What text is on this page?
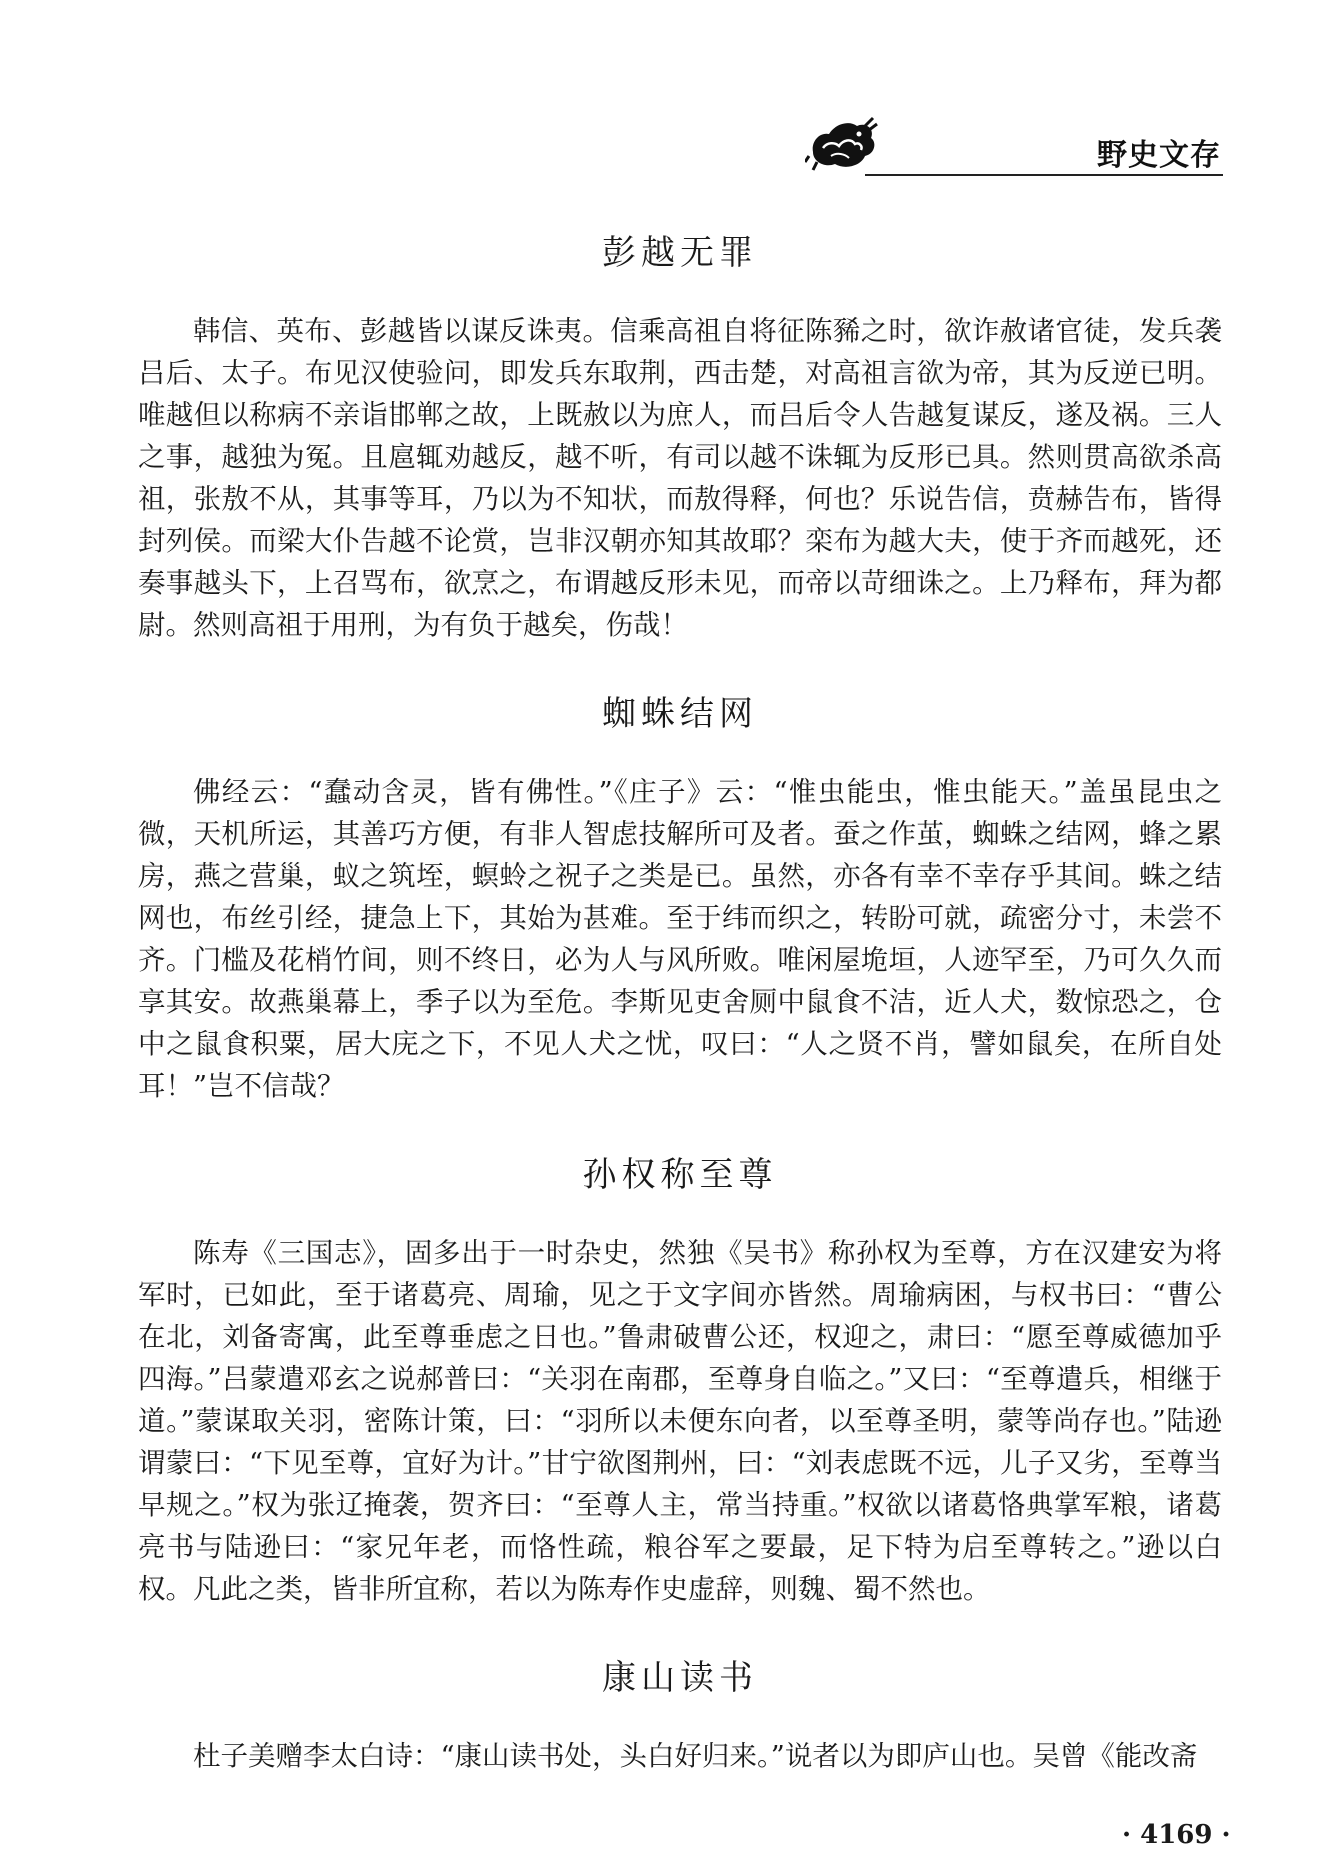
野史文存
彭越无罪

韩信、英布、彭越皆以谋反诛夷。信乘高祖自将征陈豨之时，欲诈赦诸官徒，发兵袭吕后、太子。布见汉使验问，即发兵东取荆，西击楚，对高祖言欲为帝，其为反逆已明。唯越但以称病不亲诣邯郸之故，上既赦以为庶人，而吕后令人告越复谋反，遂及祸。三人之事，越独为冤。且扈辄劝越反，越不听，有司以越不诛辄为反形已具。然则贯高欲杀高祖，张敖不从，其事等耳，乃以为不知状，而敖得释，何也？乐说告信，贲赫告布，皆得封列侯。而梁大仆告越不论赏，岂非汉朝亦知其故耶？栾布为越大夫，使于齐而越死，还奏事越头下，上召骂布，欲烹之，布谓越反形未见，而帝以苛细诛之。上乃释布，拜为都尉。然则高祖于用刑，为有负于越矣，伤哉！

蜘蛛结网

佛经云：“蠢动含灵，皆有佛性。”《庄子》云：“惟虫能虫，惟虫能天。”盖虽昆虫之微，天机所运，其善巧方便，有非人智虑技解所可及者。蚕之作茧，蜘蛛之结网，蜂之累房，燕之营巢，蚁之筑垤，螟蛉之祝子之类是已。虽然，亦各有幸不幸存乎其间。蛛之结网也，布丝引经，捷急上下，其始为甚难。至于纬而织之，转盼可就，疏密分寸，未尝不齐。门槛及花梢竹间，则不终日，必为人与风所败。唯闲屋垝垣，人迹罕至，乃可久久而享其安。故燕巢幕上，季子以为至危。李斯见吏舍厕中鼠食不洁，近人犬，数惊恐之，仓中之鼠食积粟，居大庑之下，不见人犬之忧，叹曰：“人之贤不肖，譬如鼠矣，在所自处耳！”岂不信哉？

孙权称至尊

陈寿《三国志》，固多出于一时杂史，然独《吴书》称孙权为至尊，方在汉建安为将军时，已如此，至于诸葛亮、周瑜，见之于文字间亦皆然。周瑜病困，与权书曰：“曹公在北，刘备寄寓，此至尊垂虑之日也。”鲁肃破曹公还，权迎之，肃曰：“愿至尊威德加乎四海。”吕蒙遣邓玄之说郝普曰：“关羽在南郡，至尊身自临之。”又曰：“至尊遣兵，相继于道。”蒙谋取关羽，密陈计策，曰：“羽所以未便东向者，以至尊圣明，蒙等尚存也。”陆逊谓蒙曰：“下见至尊，宜好为计。”甘宁欲图荆州，曰：“刘表虑既不远，儿子又劣，至尊当早规之。”权为张辽掩袭，贺齐曰：“至尊人主，常当持重。”权欲以诸葛恪典掌军粮，诸葛亮书与陆逊曰：“家兄年老，而恪性疏，粮谷军之要最，足下特为启至尊转之。”逊以白权。凡此之类，皆非所宜称，若以为陈寿作史虚辞，则魏、蜀不然也。

康山读书

杜子美赠李太白诗：“康山读书处，头白好归来。”说者以为即庐山也。吴曾《能改斋

· 4169 ·
